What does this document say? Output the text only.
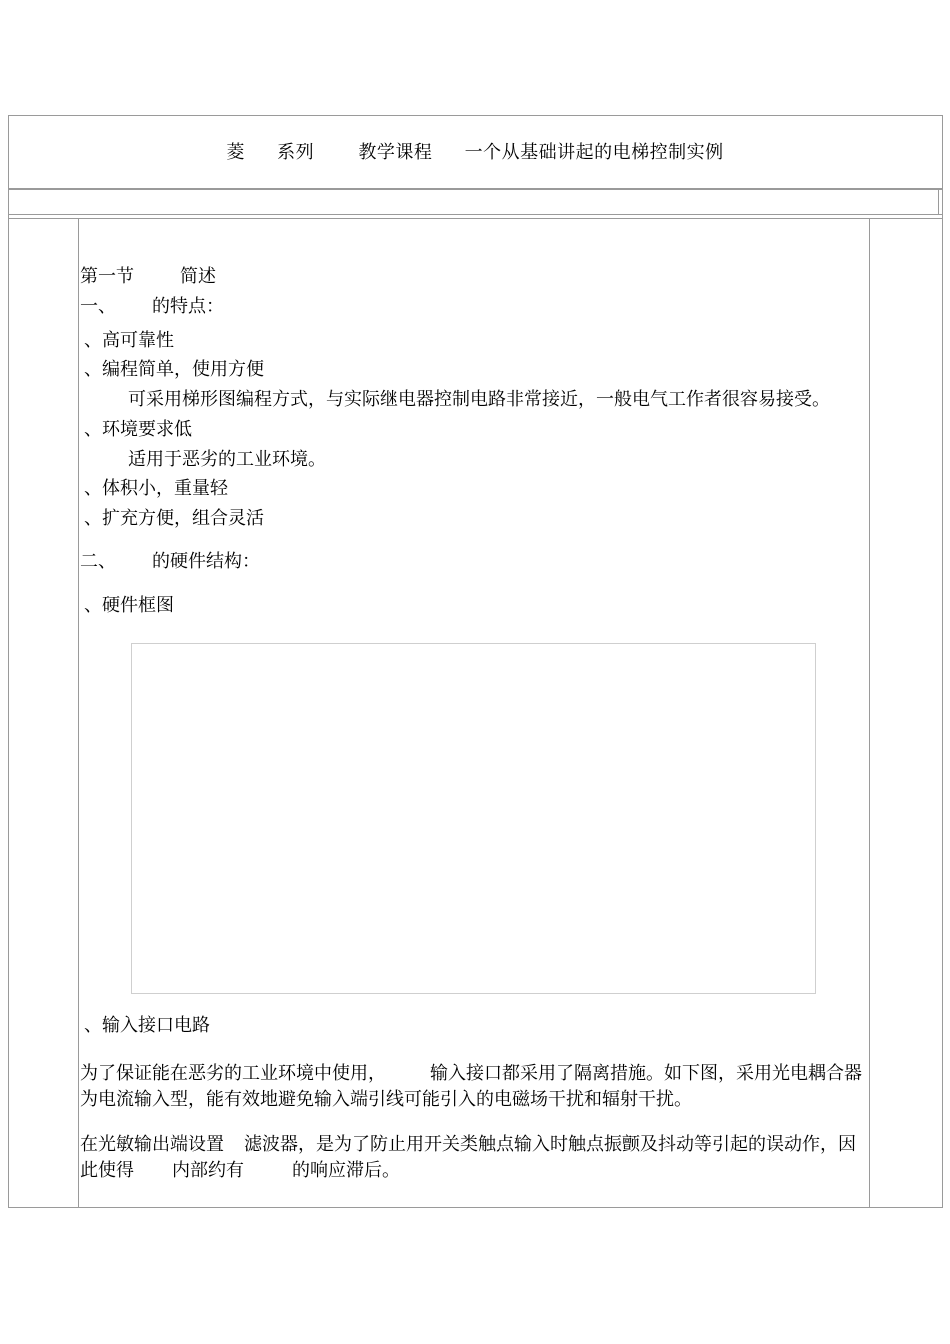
菱 系列 教学课程 一个从基础讲起的电梯控制实例
第一节	简述
一、 的特点：
、高可靠性
、编程简单，使用方便
可采用梯形图编程方式，与实际继电器控制电路非常接近，一般电气工作者很容易接受。
、环境要求低
适用于恶劣的工业环境。
、体积小，重量轻
、扩充方便，组合灵活
二、 的硬件结构：
、硬件框图
、输入接口电路
为了保证能在恶劣的工业环境中使用， 输入接口都采用了隔离措施。如下图，采用光电耦合器为电流输入型，能有效地避免输入端引线可能引入的电磁场干扰和辐射干扰。
在光敏输出端设置 滤波器，是为了防止用开关类触点输入时触点振颤及抖动等引起的误动作，因此使得 内部约有	的响应滞后。
